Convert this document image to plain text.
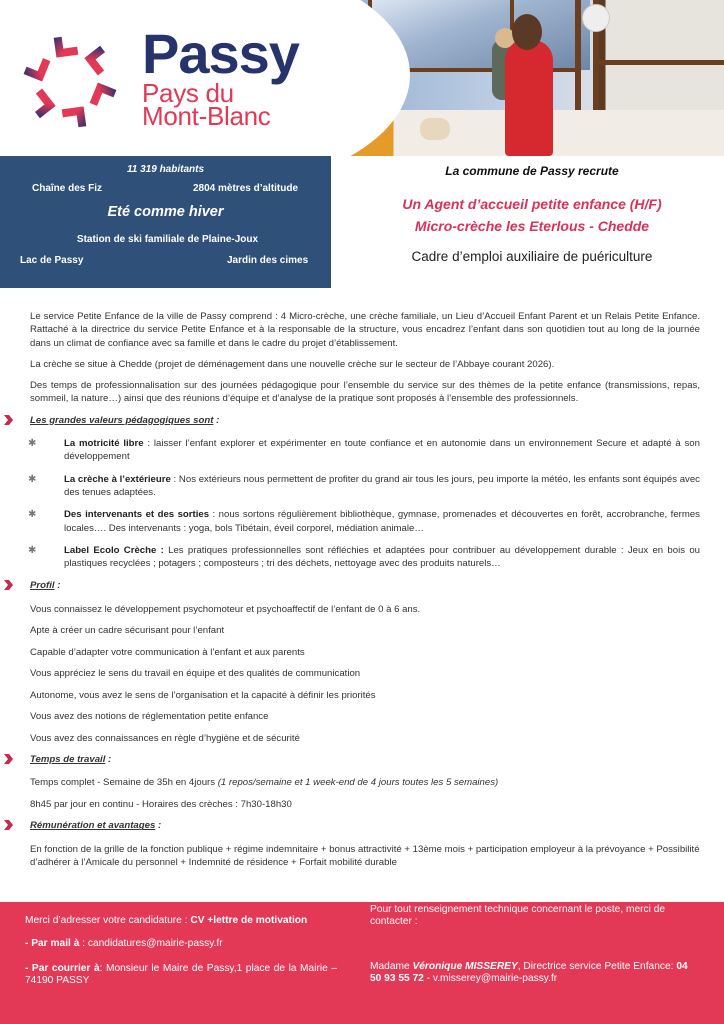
Passy
Pays du
Mont-Blanc
11 319 habitants
Chaîne des Fiz	2804 mètres d’altitude
Eté comme hiver
Station de ski familiale de Plaine-Joux
Lac de Passy	Jardin des cimes
La commune de Passy recrute
Un Agent d’accueil petite enfance (H/F)
Micro-crèche les Eterlous - Chedde
Cadre d’emploi auxiliaire de puériculture

Le service Petite Enfance de la ville de Passy comprend : 4 Micro-crèche, une crèche familiale, un Lieu d’Accueil Enfant Parent et un Relais Petite Enfance. Rattaché à la directrice du service Petite Enfance et à la responsable de la structure, vous encadrez l’enfant dans son quotidien tout au long de la journée dans un climat de confiance avec sa famille et dans le cadre du projet d’établissement.

La crèche se situe à Chedde (projet de déménagement dans une nouvelle crèche sur le secteur de l’Abbaye courant 2026).

Des temps de professionnalisation sur des journées pédagogique pour l’ensemble du service sur des thèmes de la petite enfance (transmissions, repas, sommeil, la nature…) ainsi que des réunions d’équipe et d’analyse de la pratique sont proposés à l’ensemble des professionnels.

Les grandes valeurs pédagogiques sont :
✱	La motricité libre : laisser l’enfant explorer et expérimenter en toute confiance et en autonomie dans un environnement Secure et adapté à son développement
✱	La crèche à l’extérieure : Nos extérieurs nous permettent de profiter du grand air tous les jours, peu importe la météo, les enfants sont équipés avec des tenues adaptées.
✱	Des intervenants et des sorties : nous sortons régulièrement bibliothèque, gymnase, promenades et découvertes en forêt, accrobranche, fermes locales…. Des intervenants : yoga, bols Tibétain, éveil corporel, médiation animale…
✱	Label Ecolo Crèche : Les pratiques professionnelles sont réfléchies et adaptées pour contribuer au développement durable : Jeux en bois ou plastiques recyclées ; potagers ; composteurs ; tri des déchets, nettoyage avec des produits naturels…
Profil :

Vous connaissez le développement psychomoteur et psychoaffectif de l’enfant de 0 à 6 ans.

Apte à créer un cadre sécurisant pour l’enfant

Capable d’adapter votre communication à l’enfant et aux parents

Vous appréciez le sens du travail en équipe et des qualités de communication

Autonome, vous avez le sens de l’organisation et la capacité à définir les priorités

Vous avez des notions de réglementation petite enfance

Vous avez des connaissances en règle d’hygiène et de sécurité

Temps de travail :

Temps complet - Semaine de 35h en 4jours (1 repos/semaine et 1 week-end de 4 jours toutes les 5 semaines)

8h45 par jour en continu - Horaires des crèches : 7h30-18h30

Rémunération et avantages :

En fonction de la grille de la fonction publique + régime indemnitaire + bonus attractivité + 13ème mois + participation employeur à la prévoyance + Possibilité d’adhérer à l’Amicale du personnel + Indemnité de résidence + Forfait mobilité durable

Merci d’adresser votre candidature : CV +lettre de motivation
- Par mail à : candidatures@mairie-passy.fr
- Par courrier à: Monsieur le Maire de Passy,1 place de la Mairie – 74190 PASSY
Pour tout renseignement technique concernant le poste, merci de contacter :
Madame Véronique MISSEREY, Directrice service Petite Enfance: 04 50 93 55 72 - v.misserey@mairie-passy.fr
